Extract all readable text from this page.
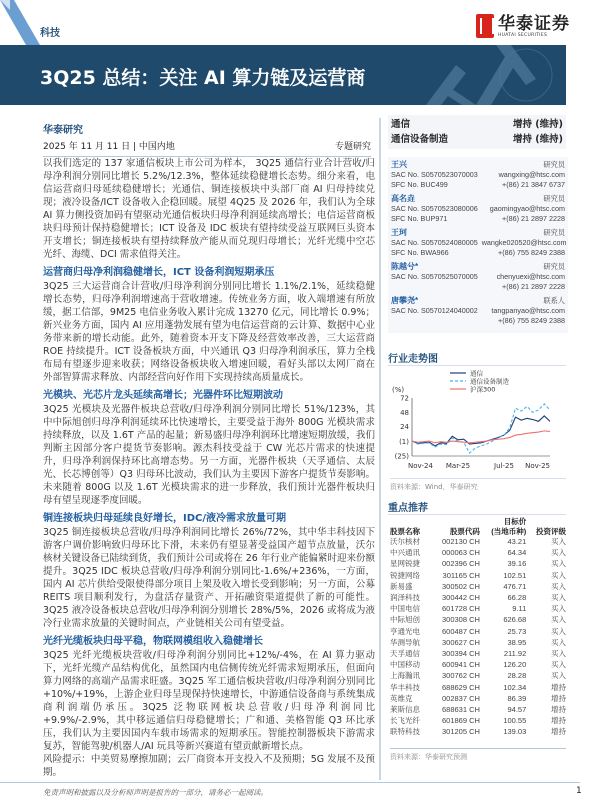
科技	华泰证券
HUATAI SECURITIES
3Q25 总结：关注 AI 算力链及运营商
华泰研究
2025 年 11 月 11 日 | 中国内地	专题研究

以我们选定的 137 家通信板块上市公司为样本， 3Q25 通信行业合计营收/归母净利润分别同比增长 5.2%/12.3%，整体延续稳健增长态势。细分来看，电信运营商归母延续稳健增长；光通信、铜连接板块中头部厂商 AI 归母持续兑现；液冷设备/ICT 设备收入企稳回暖。展望 4Q25 及 2026 年，我们认为全球 AI 算力侧投资加码有望驱动光通信板块归母净利润延续高增长；电信运营商板块归母预计保持稳健增长；ICT 设备及 IDC 板块有望持续受益互联网巨头资本开支增长；铜连接板块有望持续释放产能从而兑现归母增长；光纤光缆中空芯光纤、海缆、DCI 需求值得关注。

运营商归母净利润稳健增长，ICT 设备利润短期承压

3Q25 三大运营商合计营收/归母净利润分别同比增长 1.1%/2.1%，延续稳健增长态势，归母净利润增速高于营收增速。传统业务方面，收入端增速有所放缓，据工信部，9M25 电信业务收入累计完成 13270 亿元，同比增长 0.9%；新兴业务方面，国内 AI 应用蓬勃发展有望为电信运营商的云计算、数据中心业务带来新的增长动能。此外，随着资本开支下降及经营效率改善，三大运营商 ROE 持续提升。ICT 设备板块方面，中兴通讯 Q3 归母净利润承压，算力全栈布局有望逐步迎来收获；网络设备板块收入增速回暖，看好头部以太网厂商在外部智算需求释放、内部经营向好作用下实现持续高质量成长。

光模块、光芯片龙头延续高增长；光器件环比短期波动

3Q25 光模块及光器件板块总营收/归母净利润分别同比增长 51%/123%，其中中际旭创归母净利润延续环比快速增长，主要受益于海外 800G 光模块需求持续释放，以及 1.6T 产品的起量；新易盛归母净利润环比增速短期放缓，我们判断主因部分客户提货节奏影响。源杰科技受益于 CW 光芯片需求的快速提升，归母净利润保持环比高增态势。另一方面，光器件板块（天孚通信、太辰光、长芯博创等）Q3 归母环比波动，我们认为主要因下游客户提货节奏影响。未来随着 800G 以及 1.6T 光模块需求的进一步释放，我们预计光器件板块归母有望呈现逐季度回暖。

铜连接板块归母延续良好增长，IDC/液冷需求放量可期

3Q25 铜连接板块总营收/归母净利润同比增长 26%/72%，其中华丰科技因下游客户调价影响致归母环比下滑，未来仍有望显著受益国产超节点放量，沃尔核材关键设备已陆续到货，我们预计公司或将在 26 年行业产能偏紧时迎来份额提升。3Q25 IDC 板块总营收/归母净利润分别同比-1.6%/+236%，一方面，国内 AI 芯片供给受限使得部分项目上架及收入增长受到影响；另一方面，公募 REITS 项目顺利发行，为盘活存量资产、开拓融资渠道提供了新的可能性。3Q25 液冷设备板块总营收/归母净利润分别增长 28%/5%，2026 或将成为液冷行业需求放量的关键时间点，产业链相关公司有望受益。

光纤光缆板块归母平稳，物联网模组收入稳健增长

3Q25 光纤光缆板块营收/归母净利润分别同比+12%/-4%，在 AI 算力驱动下，光纤光缆产品结构优化，虽然国内电信侧传统光纤需求短期承压，但面向算力网络的高端产品需求旺盛。3Q25 军工通信板块营收/归母净利润分别同比+10%/+19%，上游企业归母呈现保持快速增长，中游通信设备商与系统集成商利润端仍承压。3Q25 泛物联网板块总营收/归母净利润同比+9.9%/-2.9%，其中移远通信归母稳健增长；广和通、美格智能 Q3 环比承压，我们认为主要因国内车载市场需求的短期承压。智能控制器板块下游需求复苏，智能驾驶/机器人/AI 玩具等新兴赛道有望贡献新增长点。

风险提示：中美贸易摩擦加剧；云厂商资本开支投入不及预期；5G 发展不及预期。

通信	增持 (维持)
通信设备制造	增持 (维持)
王兴	研究员
SAC No. S0570523070003	wangxing@htsc.com
SFC No. BUC499	+(86) 21 3847 6737
高名垚	研究员
SAC No. S0570523080006 gaomingyao@htsc.com
SFC No. BUP971	+(86) 21 2897 2228
王珂	研究员
SAC No. S0570524080005 wangke020520@htsc.com
SFC No. BWA966	+(86) 755 8249 2388
陈越兮*	研究员
SAC No. S0570525070005	chenyuexi@htsc.com
+(86) 21 2897 2228
唐攀尧*	联系人
SAC No. S0570124040002 tangpanyao@htsc.com
+(86) 755 8249 2388
行业走势图
72
48
24
(1)
(25)
(%)
Nov-24 Mar-25	Jul-25 Nov-25
通信
通信设备制造
沪深300
资料来源：Wind，华泰研究
重点推荐
股票名称	股票代码	目标价
(当地币种)	投资评级
沃尔核材	002130 CH	43.21	买入
中兴通讯	000063 CH	64.34	买入
星网锐捷	002396 CH	39.16	买入
锐捷网络	301165 CH	102.51	买入
新易盛	300502 CH	476.71	买入
润泽科技	300442 CH	66.28	买入
中国电信	601728 CH	9.11	买入
中际旭创	300308 CH	626.68	买入
亨通光电	600487 CH	25.73	买入
华测导航	300627 CH	38.95	买入
天孚通信	300394 CH	211.92	买入
中国移动	600941 CH	126.20	买入
上海瀚讯	300762 CH	28.28	买入
华丰科技	688629 CH	102.34	增持
英维克	002837 CH	86.39	增持
莱斯信息	688631 CH	94.57	增持
长飞光纤	601869 CH	100.55	增持
联特科技	301205 CH	139.03	增持
资料来源：华泰研究预测
免责声明和披露以及分析师声明是报告的一部分，请务必一起阅读。	1
